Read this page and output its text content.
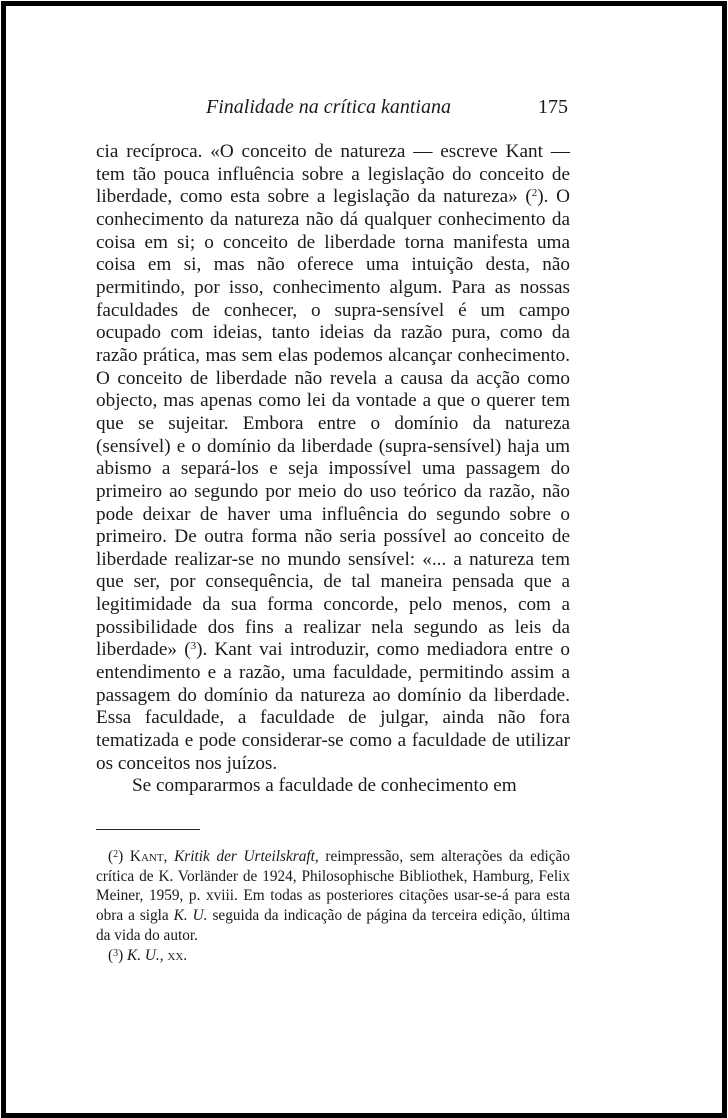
Finalidade na crítica kantiana	175

cia recíproca. «O conceito de natureza — escreve Kant — tem tão pouca influência sobre a legislação do conceito de liberdade, como esta sobre a legislação da natureza» ($^2$). O conhecimento da natureza não dá qualquer conhecimento da coisa em si; o conceito de liberdade torna manifesta uma coisa em si, mas não oferece uma intuição desta, não permitindo, por isso, conhecimento algum. Para as nossas faculdades de conhecer, o supra-sensível é um campo ocupado com ideias, tanto ideias da razão pura, como da razão prática, mas sem elas podemos alcançar conhecimento. O conceito de liberdade não revela a causa da acção como objecto, mas apenas como lei da vontade a que o querer tem que se sujeitar. Embora entre o domínio da natureza (sensível) e o domínio da liberdade (supra-sensível) haja um abismo a separá-los e seja impossível uma passagem do primeiro ao segundo por meio do uso teórico da razão, não pode deixar de haver uma influência do segundo sobre o primeiro. De outra forma não seria possível ao conceito de liberdade realizar-se no mundo sensível: «... a natureza tem que ser, por consequência, de tal maneira pensada que a legitimidade da sua forma concorde, pelo menos, com a possibilidade dos fins a realizar nela segundo as leis da liberdade» ($^3$). Kant vai introduzir, como mediadora entre o entendimento e a razão, uma faculdade, permitindo assim a passagem do domínio da natureza ao domínio da liberdade. Essa faculdade, a faculdade de julgar, ainda não fora tematizada e pode considerar-se como a faculdade de utilizar os conceitos nos juízos.

Se compararmos a faculdade de conhecimento em

($^2$) Kant, Kritik der Urteilskraft, reimpressão, sem alterações da edição crítica de K. Vorländer de 1924, Philosophische Bibliothek, Hamburg, Felix Meiner, 1959, p. xviii. Em todas as posteriores citações usar-se-á para esta obra a sigla K. U. seguida da indicação de página da terceira edição, última da vida do autor.

($^3$) K. U., xx.
